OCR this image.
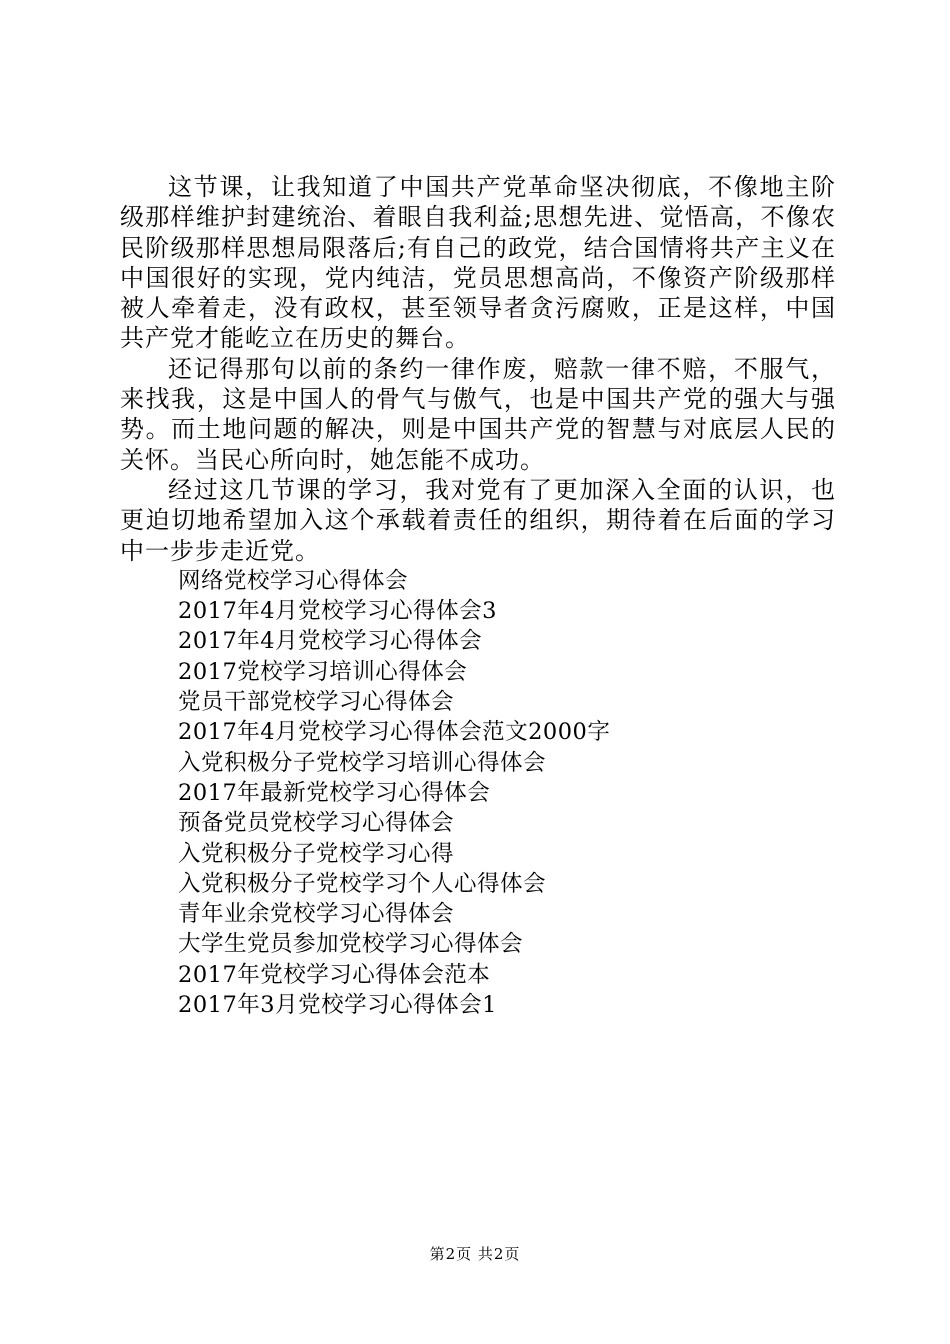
这节课，让我知道了中国共产党革命坚决彻底，不像地主阶级那样维护封建统治、着眼自我利益;思想先进、觉悟高，不像农民阶级那样思想局限落后;有自己的政党，结合国情将共产主义在中国很好的实现，党内纯洁，党员思想高尚，不像资产阶级那样被人牵着走，没有政权，甚至领导者贪污腐败，正是这样，中国共产党才能屹立在历史的舞台。

还记得那句以前的条约一律作废，赔款一律不赔，不服气，来找我，这是中国人的骨气与傲气，也是中国共产党的强大与强势。而土地问题的解决，则是中国共产党的智慧与对底层人民的关怀。当民心所向时，她怎能不成功。

经过这几节课的学习，我对党有了更加深入全面的认识，也更迫切地希望加入这个承载着责任的组织，期待着在后面的学习中一步步走近党。

网络党校学习心得体会
2017年4月党校学习心得体会3
2017年4月党校学习心得体会
2017党校学习培训心得体会
党员干部党校学习心得体会
2017年4月党校学习心得体会范文2000字
入党积极分子党校学习培训心得体会
2017年最新党校学习心得体会
预备党员党校学习心得体会
入党积极分子党校学习心得
入党积极分子党校学习个人心得体会
青年业余党校学习心得体会
大学生党员参加党校学习心得体会
2017年党校学习心得体会范本
2017年3月党校学习心得体会1
第2页 共2页
